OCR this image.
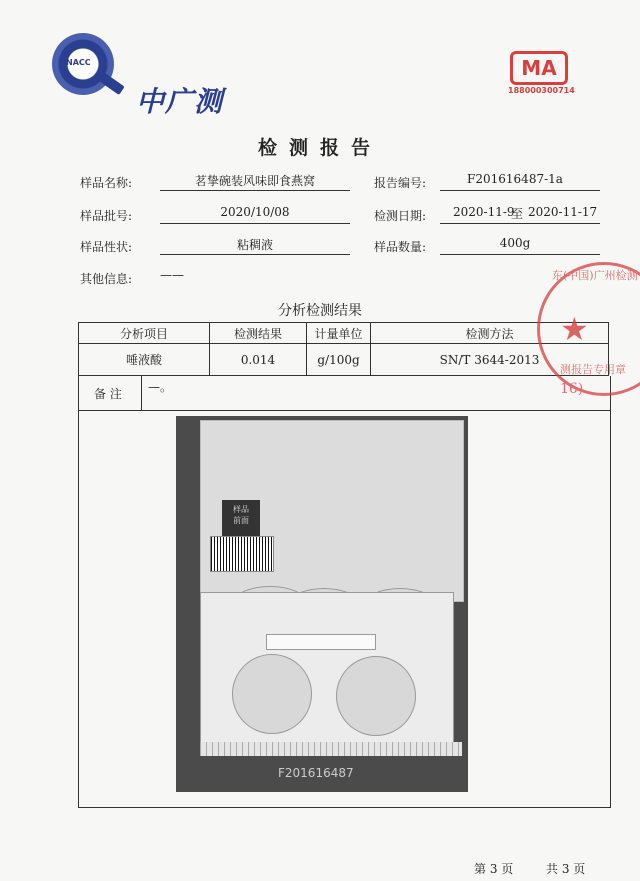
NACC
中广测
MA
188000300714
检测报告
样品名称:	茗挚碗装风味即食燕窝	报告编号:	F201616487-1a
样品批号:	2020/10/08	检测日期: 2020-11-9
至 2020-11-17
样品性状:	粘稠液	样品数量:	400g
其他信息: ——
分析检测结果
分析项目	检测结果	计量单位	检测方法
唾液酸	0.014	g/100g	SN/T 3644-2013
备 注 —。
样品
前面
F201616487
东(中国)广州检测
测报告专用章
16)
★
第 3 页	共 3 页
